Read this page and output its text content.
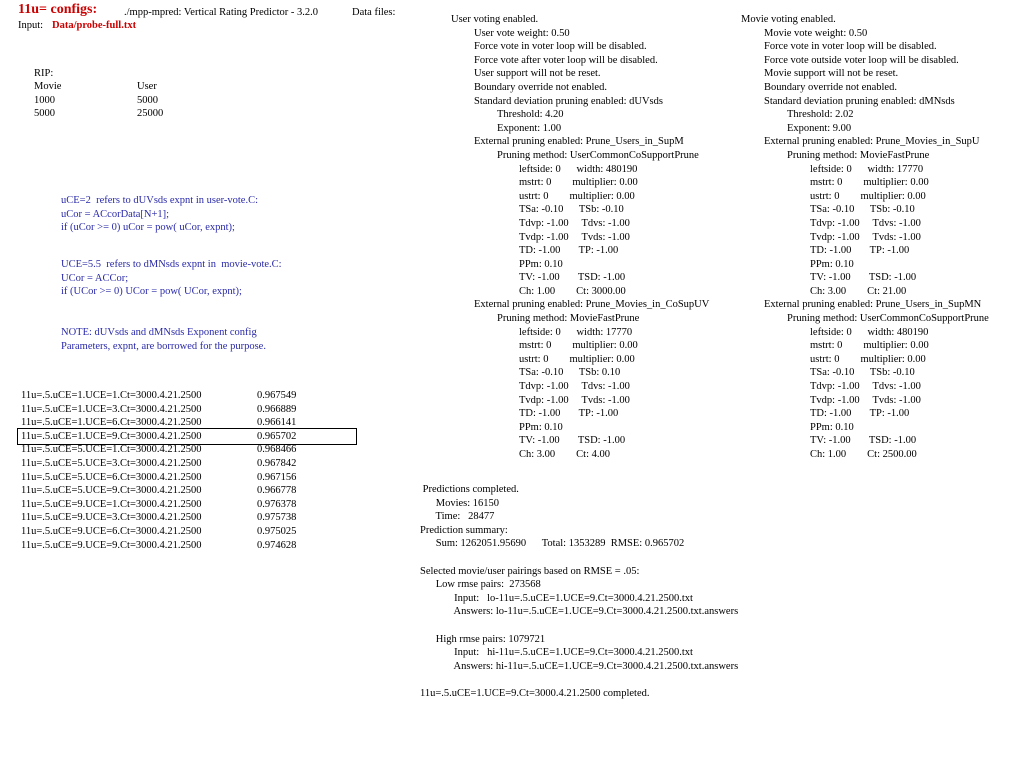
11u= configs:	./mpp-mpred: Vertical Rating Predictor - 3.2.0	Data files:
Input: Data/probe-full.txt
RIP:
Movie	User
1000	5000
5000	25000
uCE=2  refers to dUVsds expnt in user-vote.C:
uCor = ACcorData[N+1];
if (uCor >= 0) uCor = pow( uCor, expnt);
UCE=5.5  refers to dMNsds expnt in  movie-vote.C:
UCor = ACCor;
if (UCor >= 0) UCor = pow( UCor, expnt);
NOTE: dUVsds and dMNsds Exponent config
Parameters, expnt, are borrowed for the purpose.
11u=.5.uCE=1.UCE=1.Ct=3000.4.21.2500	0.967549
11u=.5.uCE=1.UCE=3.Ct=3000.4.21.2500	0.966889
11u=.5.uCE=1.UCE=6.Ct=3000.4.21.2500	0.966141
11u=.5.uCE=1.UCE=9.Ct=3000.4.21.2500	0.965702
11u=.5.uCE=5.UCE=1.Ct=3000.4.21.2500	0.968466
11u=.5.uCE=5.UCE=3.Ct=3000.4.21.2500	0.967842
11u=.5.uCE=5.UCE=6.Ct=3000.4.21.2500	0.967156
11u=.5.uCE=5.UCE=9.Ct=3000.4.21.2500	0.966778
11u=.5.uCE=9.UCE=1.Ct=3000.4.21.2500	0.976378
11u=.5.uCE=9.UCE=3.Ct=3000.4.21.2500	0.975738
11u=.5.uCE=9.UCE=6.Ct=3000.4.21.2500	0.975025
11u=.5.uCE=9.UCE=9.Ct=3000.4.21.2500	0.974628
User voting enabled.
User vote weight: 0.50
Force vote in voter loop will be disabled.
Force vote after voter loop will be disabled.
User support will not be reset.
Boundary override not enabled.
Standard deviation pruning enabled: dUVsds
Threshold: 4.20
Exponent: 1.00
External pruning enabled: Prune_Users_in_SupM
Pruning method: UserCommonCoSupportPrune
leftside: 0      width: 480190
mstrt: 0        multiplier: 0.00
ustrt: 0        multiplier: 0.00
TSa: -0.10      TSb: -0.10
Tdvp: -1.00     Tdvs: -1.00
Tvdp: -1.00     Tvds: -1.00
TD: -1.00       TP: -1.00
PPm: 0.10
TV: -1.00       TSD: -1.00
Ch: 1.00        Ct: 3000.00
External pruning enabled: Prune_Movies_in_CoSupUV
Pruning method: MovieFastPrune
leftside: 0      width: 17770
mstrt: 0        multiplier: 0.00
ustrt: 0        multiplier: 0.00
TSa: -0.10      TSb: 0.10
Tdvp: -1.00     Tdvs: -1.00
Tvdp: -1.00     Tvds: -1.00
TD: -1.00       TP: -1.00
PPm: 0.10
TV: -1.00       TSD: -1.00
Ch: 3.00        Ct: 4.00
Movie voting enabled.
Movie vote weight: 0.50
Force vote in voter loop will be disabled.
Force vote outside voter loop will be disabled.
Movie support will not be reset.
Boundary override not enabled.
Standard deviation pruning enabled: dMNsds
Threshold: 2.02
Exponent: 9.00
External pruning enabled: Prune_Movies_in_SupU
Pruning method: MovieFastPrune
leftside: 0      width: 17770
mstrt: 0        multiplier: 0.00
ustrt: 0        multiplier: 0.00
TSa: -0.10      TSb: -0.10
Tdvp: -1.00     Tdvs: -1.00
Tvdp: -1.00     Tvds: -1.00
TD: -1.00       TP: -1.00
PPm: 0.10
TV: -1.00       TSD: -1.00
Ch: 3.00        Ct: 21.00
External pruning enabled: Prune_Users_in_SupMN
Pruning method: UserCommonCoSupportPrune
leftside: 0      width: 480190
mstrt: 0        multiplier: 0.00
ustrt: 0        multiplier: 0.00
TSa: -0.10      TSb: -0.10
Tdvp: -1.00     Tdvs: -1.00
Tvdp: -1.00     Tvds: -1.00
TD: -1.00       TP: -1.00
PPm: 0.10
TV: -1.00       TSD: -1.00
Ch: 1.00        Ct: 2500.00
Predictions completed.
Movies: 16150
Time:   28477
Prediction summary:
Sum: 1262051.95690      Total: 1353289  RMSE: 0.965702
Selected movie/user pairings based on RMSE = .05:
Low rmse pairs:  273568
Input:   lo-11u=.5.uCE=1.UCE=9.Ct=3000.4.21.2500.txt
Answers: lo-11u=.5.uCE=1.UCE=9.Ct=3000.4.21.2500.txt.answers
High rmse pairs: 1079721
Input:   hi-11u=.5.uCE=1.UCE=9.Ct=3000.4.21.2500.txt
Answers: hi-11u=.5.uCE=1.UCE=9.Ct=3000.4.21.2500.txt.answers
11u=.5.uCE=1.UCE=9.Ct=3000.4.21.2500 completed.
